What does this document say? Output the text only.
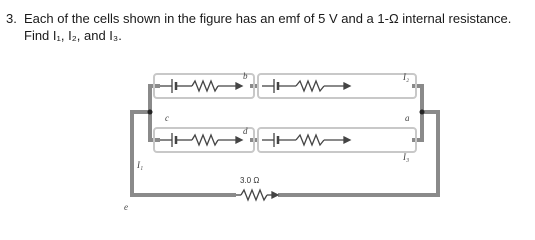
3. Each of the cells shown in the figure has an emf of 5 V and a 1-Ω internal resistance.
Find I₁, I₂, and I₃.
b
c
d
a
e
I₁
I₂
I₃
3.0 Ω
